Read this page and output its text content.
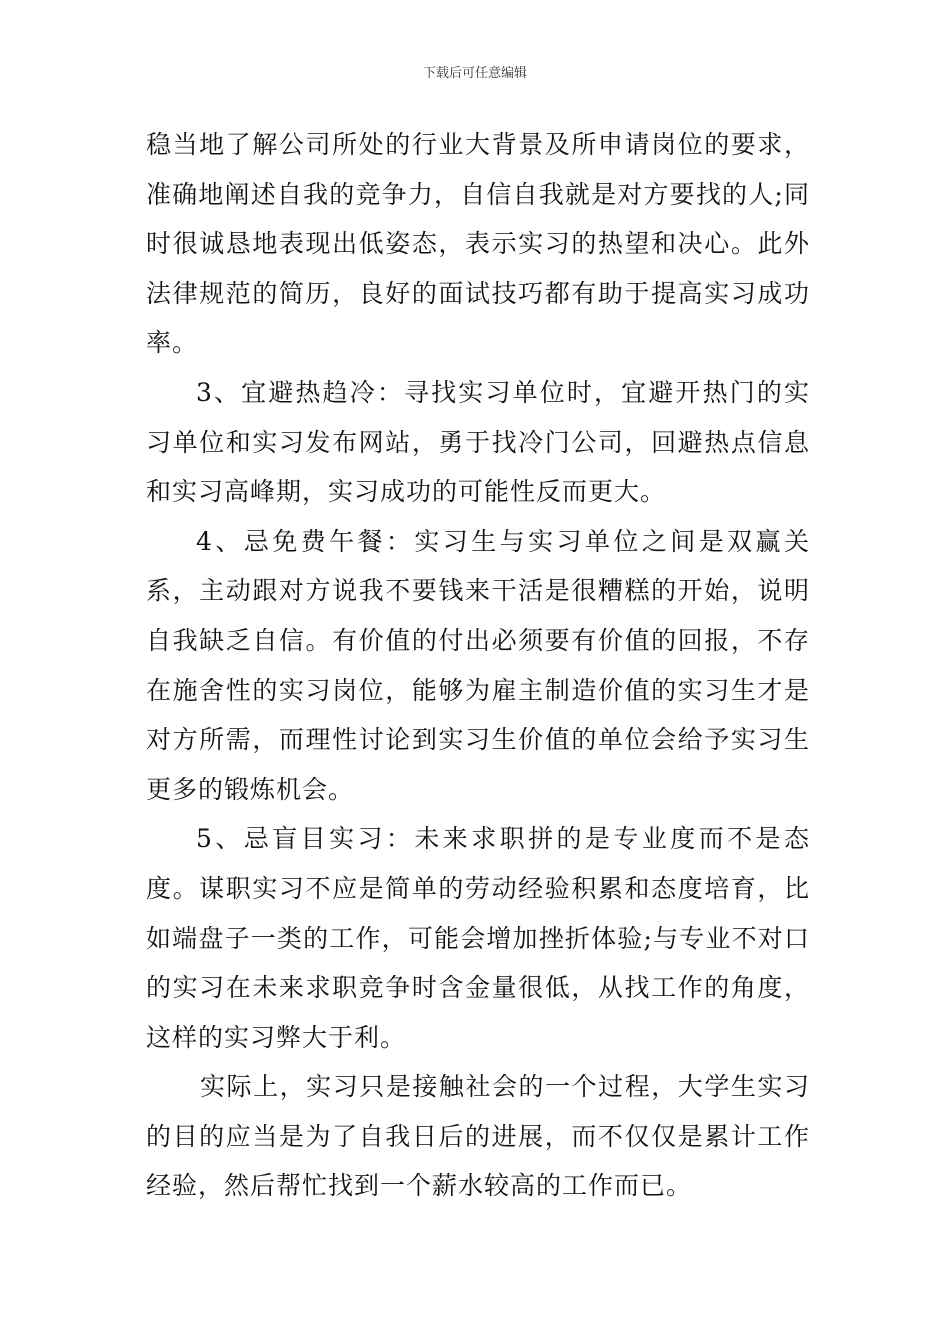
下载后可任意编辑

稳当地了解公司所处的行业大背景及所申请岗位的要求，准确地阐述自我的竞争力，自信自我就是对方要找的人;同时很诚恳地表现出低姿态，表示实习的热望和决心。此外法律规范的简历，良好的面试技巧都有助于提高实习成功率。

3、宜避热趋冷：寻找实习单位时，宜避开热门的实习单位和实习发布网站，勇于找冷门公司，回避热点信息和实习高峰期，实习成功的可能性反而更大。

4、忌免费午餐：实习生与实习单位之间是双赢关系，主动跟对方说我不要钱来干活是很糟糕的开始，说明自我缺乏自信。有价值的付出必须要有价值的回报，不存在施舍性的实习岗位，能够为雇主制造价值的实习生才是对方所需，而理性讨论到实习生价值的单位会给予实习生更多的锻炼机会。

5、忌盲目实习：未来求职拼的是专业度而不是态度。谋职实习不应是简单的劳动经验积累和态度培育，比如端盘子一类的工作，可能会增加挫折体验;与专业不对口的实习在未来求职竞争时含金量很低，从找工作的角度，这样的实习弊大于利。

实际上，实习只是接触社会的一个过程，大学生实习的目的应当是为了自我日后的进展，而不仅仅是累计工作经验，然后帮忙找到一个薪水较高的工作而已。
